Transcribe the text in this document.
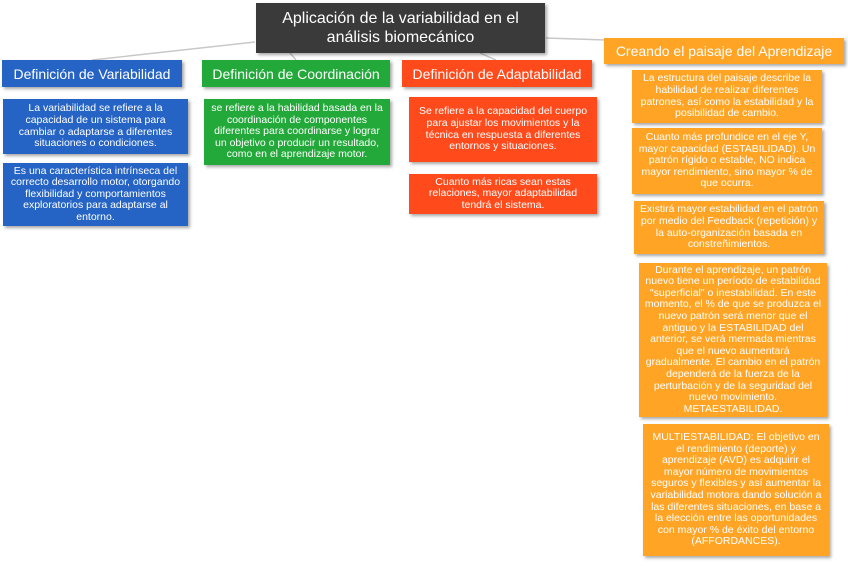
Aplicación de la variabilidad en el análisis biomecánico
Definición de Variabilidad	Definición de Coordinación Definición de Adaptabilidad
Creando el paisaje del Aprendizaje
La variabilidad se refiere a la capacidad de un sistema para cambiar o adaptarse a diferentes situaciones o condiciones.
Es una característica intrínseca del correcto desarrollo motor, otorgando flexibilidad y comportamientos exploratorios para adaptarse al entorno.
se refiere a la habilidad basada en la coordinación de componentes diferentes para coordinarse y lograr un objetivo o producir un resultado, como en el aprendizaje motor.
Se refiere a la capacidad del cuerpo para ajustar los movimientos y la técnica en respuesta a diferentes entornos y situaciones.
Cuanto más ricas sean estas relaciones, mayor adaptabilidad tendrá el sistema.
La estructura del paisaje describe la habilidad de realizar diferentes patrones, así como la estabilidad y la posibilidad de cambio.
Cuanto más profundice en el eje Y, mayor capacidad (ESTABILIDAD). Un patrón rígido o estable, NO indica mayor rendimiento, sino mayor % de que ocurra.
Existirá mayor estabilidad en el patrón por medio del Feedback (repetición) y la auto-organización basada en constreñimientos.
Durante el aprendizaje, un patrón nuevo tiene un período de estabilidad "superficial" o inestabilidad. En este momento, el % de que se produzca el nuevo patrón será menor que el antiguo y la ESTABILIDAD del anterior, se verá mermada mientras que el nuevo aumentará gradualmente. El cambio en el patrón dependerá de la fuerza de la perturbación y de la seguridad del nuevo movimiento. METAESTABILIDAD.
MULTIESTABILIDAD: El objetivo en el rendimiento (deporte) y aprendizaje (AVD) es adquirir el mayor número de movimientos seguros y flexibles y así aumentar la variabilidad motora dando solución a las diferentes situaciones, en base a la elección entre las oportunidades con mayor % de éxito del entorno (AFFORDANCES).
